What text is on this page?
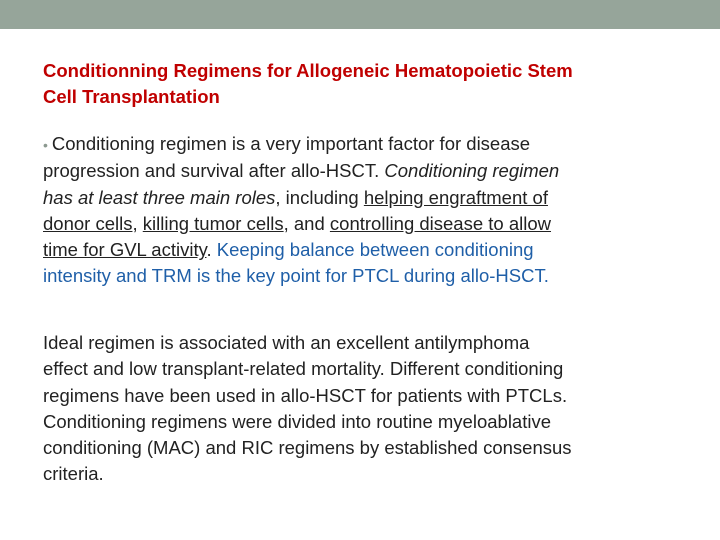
Conditionning Regimens for Allogeneic Hematopoietic Stem
Cell Transplantation
• Conditioning regimen is a very important factor for disease
progression and survival after allo‑HSCT. Conditioning regimen
has at least three main roles, including helping engraftment of
donor cells, killing tumor cells, and controlling disease to allow
time for GVL activity. Keeping balance between conditioning
intensity and TRM is the key point for PTCL during allo‑HSCT.
Ideal regimen is associated with an excellent antilymphoma
effect and low transplant‑related mortality. Different conditioning
regimens have been used in allo‑HSCT for patients with PTCLs.
Conditioning regimens were divided into routine myeloablative
conditioning (MAC) and RIC regimens by established consensus
criteria.
